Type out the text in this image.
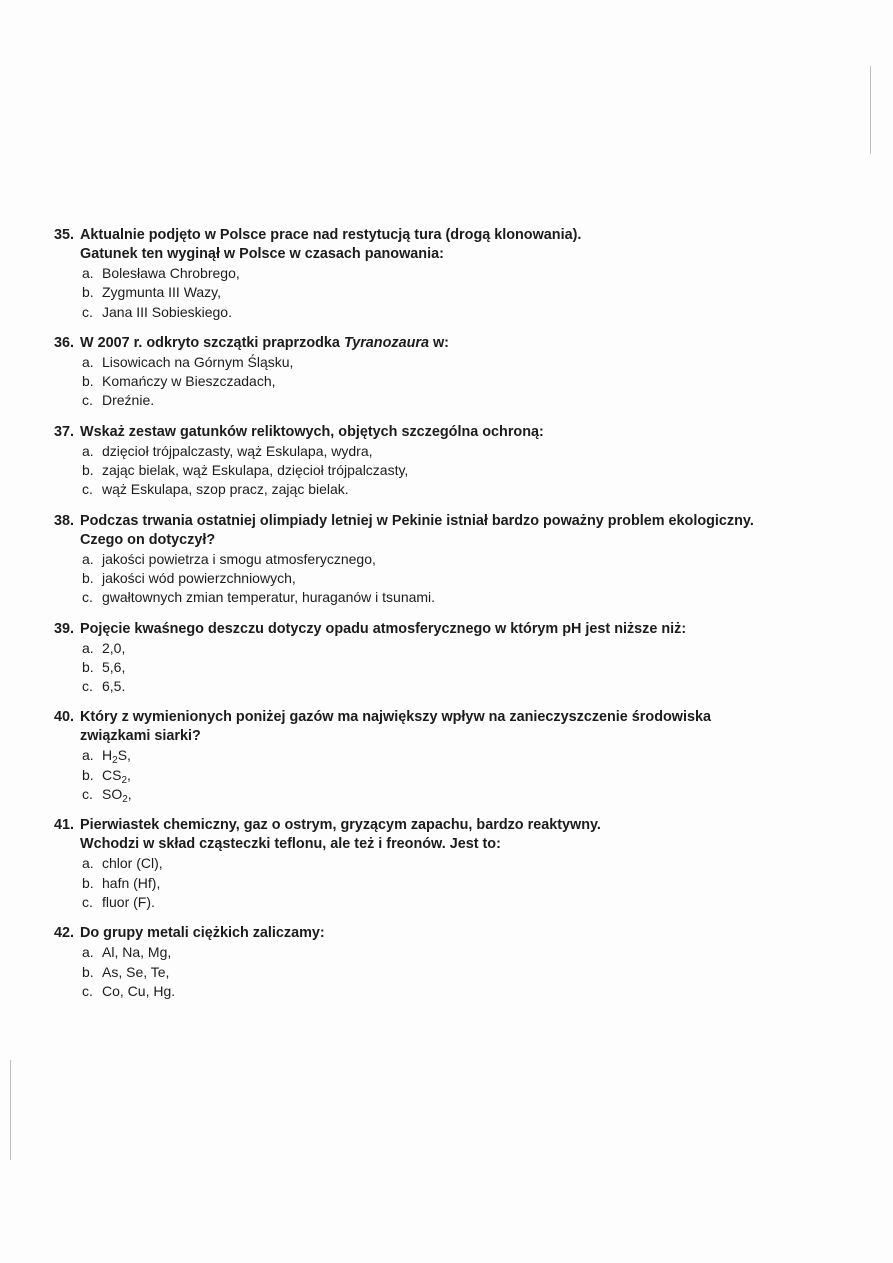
35. Aktualnie podjęto w Polsce prace nad restytucją tura (drogą klonowania).
Gatunek ten wyginął w Polsce w czasach panowania:
a. Bolesława Chrobrego,
b. Zygmunta III Wazy,
c. Jana III Sobieskiego.
36. W 2007 r. odkryto szczątki praprzodka Tyranozaura w:
a. Lisowicach na Górnym Śląsku,
b. Komańczy w Bieszczadach,
c. Dreźnie.
37. Wskaż zestaw gatunków reliktowych, objętych szczególna ochroną:
a. dzięcioł trójpalczasty, wąż Eskulapa, wydra,
b. zając bielak, wąż Eskulapa, dzięcioł trójpalczasty,
c. wąż Eskulapa, szop pracz, zając bielak.
38. Podczas trwania ostatniej olimpiady letniej w Pekinie istniał bardzo poważny problem ekologiczny.
Czego on dotyczył?
a. jakości powietrza i smogu atmosferycznego,
b. jakości wód powierzchniowych,
c. gwałtownych zmian temperatur, huraganów i tsunami.
39. Pojęcie kwaśnego deszczu dotyczy opadu atmosferycznego w którym pH jest niższe niż:
a. 2,0,
b. 5,6,
c. 6,5.
40. Który z wymienionych poniżej gazów ma największy wpływ na zanieczyszczenie środowiska
związkami siarki?
a. $H_2S$,
b. $CS_2$,
c. $SO_2$,
41. Pierwiastek chemiczny, gaz o ostrym, gryzącym zapachu, bardzo reaktywny.
Wchodzi w skład cząsteczki teflonu, ale też i freonów. Jest to:
a. chlor (Cl),
b. hafn (Hf),
c. fluor (F).
42. Do grupy metali ciężkich zaliczamy:
a. Al, Na, Mg,
b. As, Se, Te,
c. Co, Cu, Hg.
